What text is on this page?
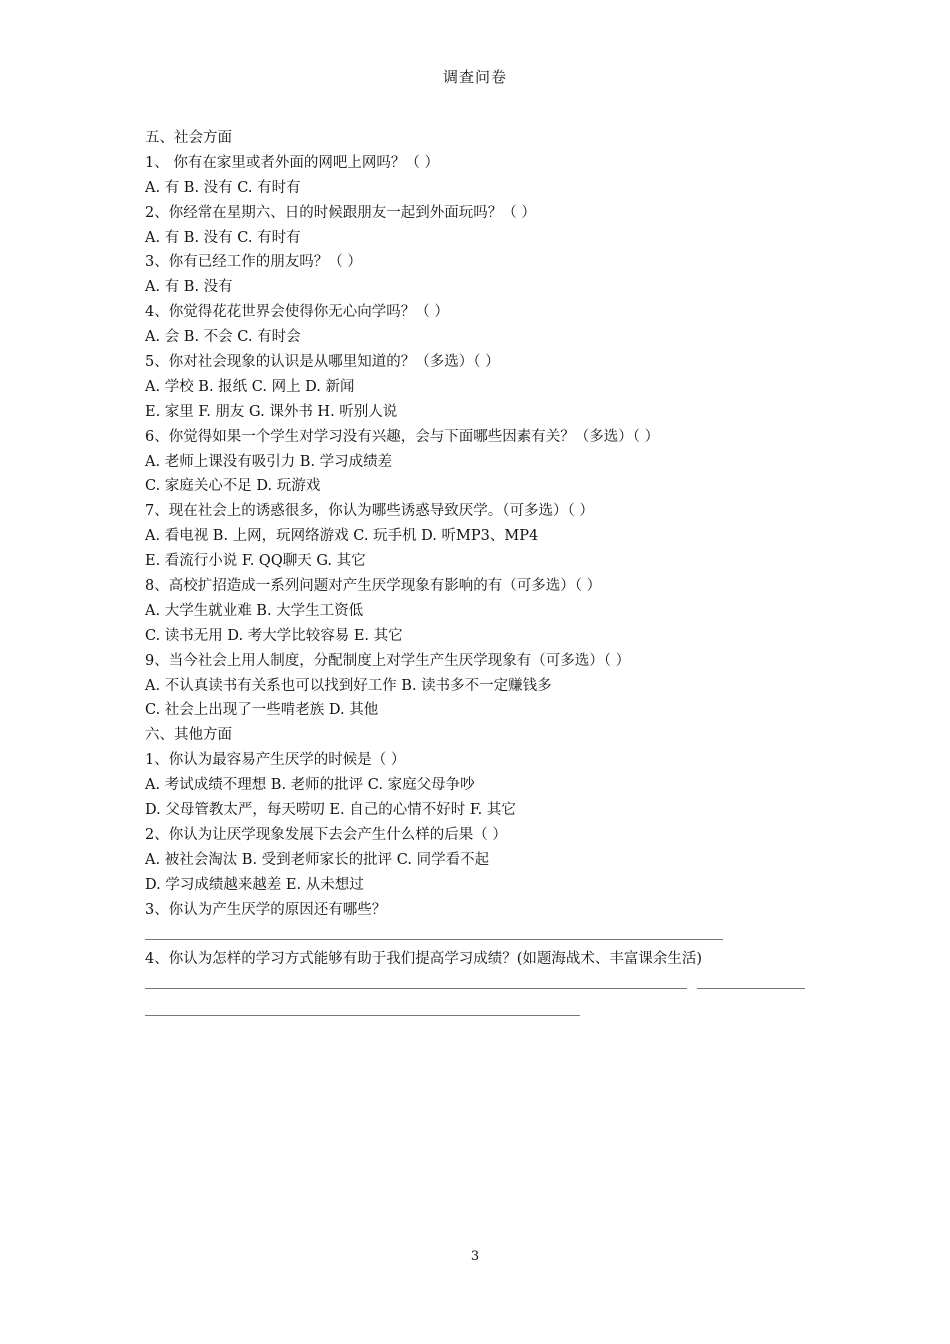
调查问卷
五、社会方面
1、 你有在家里或者外面的网吧上网吗？（ ）
A. 有 B. 没有 C. 有时有
2、你经常在星期六、日的时候跟朋友一起到外面玩吗？（ ）
A. 有 B. 没有 C. 有时有
3、你有已经工作的朋友吗？（ ）
A. 有 B. 没有
4、你觉得花花世界会使得你无心向学吗？（ ）
A. 会 B. 不会 C. 有时会
5、你对社会现象的认识是从哪里知道的？（多选）（ ）
A. 学校 B. 报纸 C. 网上 D. 新闻
E. 家里 F. 朋友 G. 课外书 H. 听别人说
6、你觉得如果一个学生对学习没有兴趣，会与下面哪些因素有关？（多选）（ ）
A. 老师上课没有吸引力 B. 学习成绩差
C. 家庭关心不足 D. 玩游戏
7、现在社会上的诱惑很多，你认为哪些诱惑导致厌学。（可多选）（ ）
A. 看电视 B. 上网，玩网络游戏 C. 玩手机 D. 听MP3、MP4
E. 看流行小说 F. QQ聊天 G. 其它
8、高校扩招造成一系列问题对产生厌学现象有影响的有（可多选）（ ）
A. 大学生就业难 B. 大学生工资低
C. 读书无用 D. 考大学比较容易 E. 其它
9、当今社会上用人制度，分配制度上对学生产生厌学现象有（可多选）（ ）
A. 不认真读书有关系也可以找到好工作 B. 读书多不一定赚钱多
C. 社会上出现了一些啃老族 D. 其他
六、其他方面
1、你认为最容易产生厌学的时候是（ ）
A. 考试成绩不理想 B. 老师的批评 C. 家庭父母争吵
D. 父母管教太严，每天唠叨 E. 自己的心情不好时 F. 其它
2、你认为让厌学现象发展下去会产生什么样的后果（ ）
A. 被社会淘汰 B. 受到老师家长的批评 C. 同学看不起
D. 学习成绩越来越差 E. 从未想过
3、你认为产生厌学的原因还有哪些？
4、你认为怎样的学习方式能够有助于我们提高学习成绩？(如题海战术、丰富课余生活)
3
